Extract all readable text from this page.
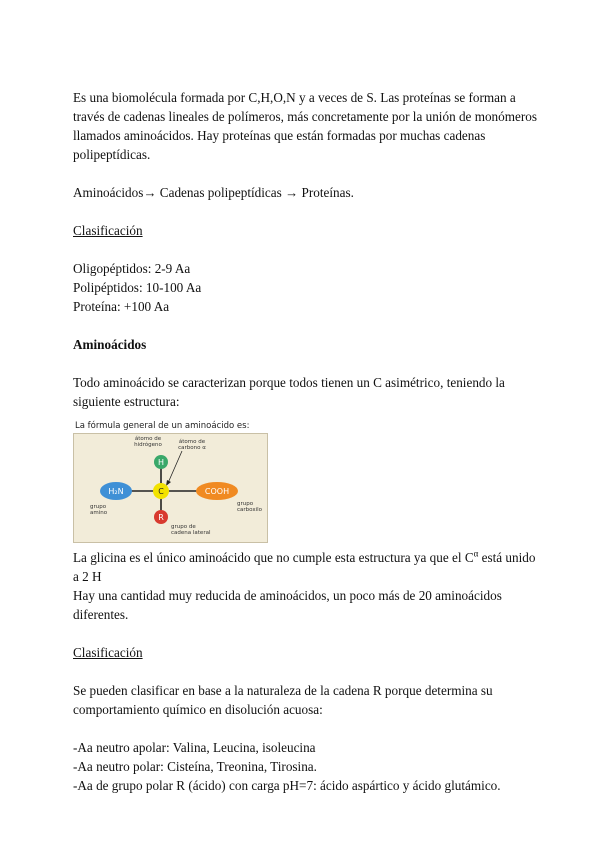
Es una biomolécula formada por C,H,O,N y a veces de S. Las proteínas se forman a través de cadenas lineales de polímeros, más concretamente por la unión de monómeros llamados aminoácidos. Hay proteínas que están formadas por muchas cadenas polipeptídicas.

Aminoácidos→ Cadenas polipeptídicas → Proteínas.

Clasificación

Oligopéptidos: 2-9 Aa

Polipéptidos: 10-100 Aa

Proteína: +100 Aa

Aminoácidos

Todo aminoácido se caracterizan porque todos tienen un C asimétrico, teniendo la siguiente estructura:

La fórmula general de un aminoácido es:
H
R
C
H₂N	COOH
átomo de
hidrógeno	átomo de
carbono α
grupo
amino
grupo
carboxilo
grupo de
cadena lateral

La glicina es el único aminoácido que no cumple esta estructura ya que el $C^\alpha$ está unido a 2 H

Hay una cantidad muy reducida de aminoácidos, un poco más de 20 aminoácidos diferentes.

Clasificación

Se pueden clasificar en base a la naturaleza de la cadena R porque determina su comportamiento químico en disolución acuosa:

-Aa neutro apolar: Valina, Leucina, isoleucina

-Aa neutro polar: Cisteína, Treonina, Tirosina.

-Aa de grupo polar R (ácido) con carga pH=7: ácido aspártico y ácido glutámico.
